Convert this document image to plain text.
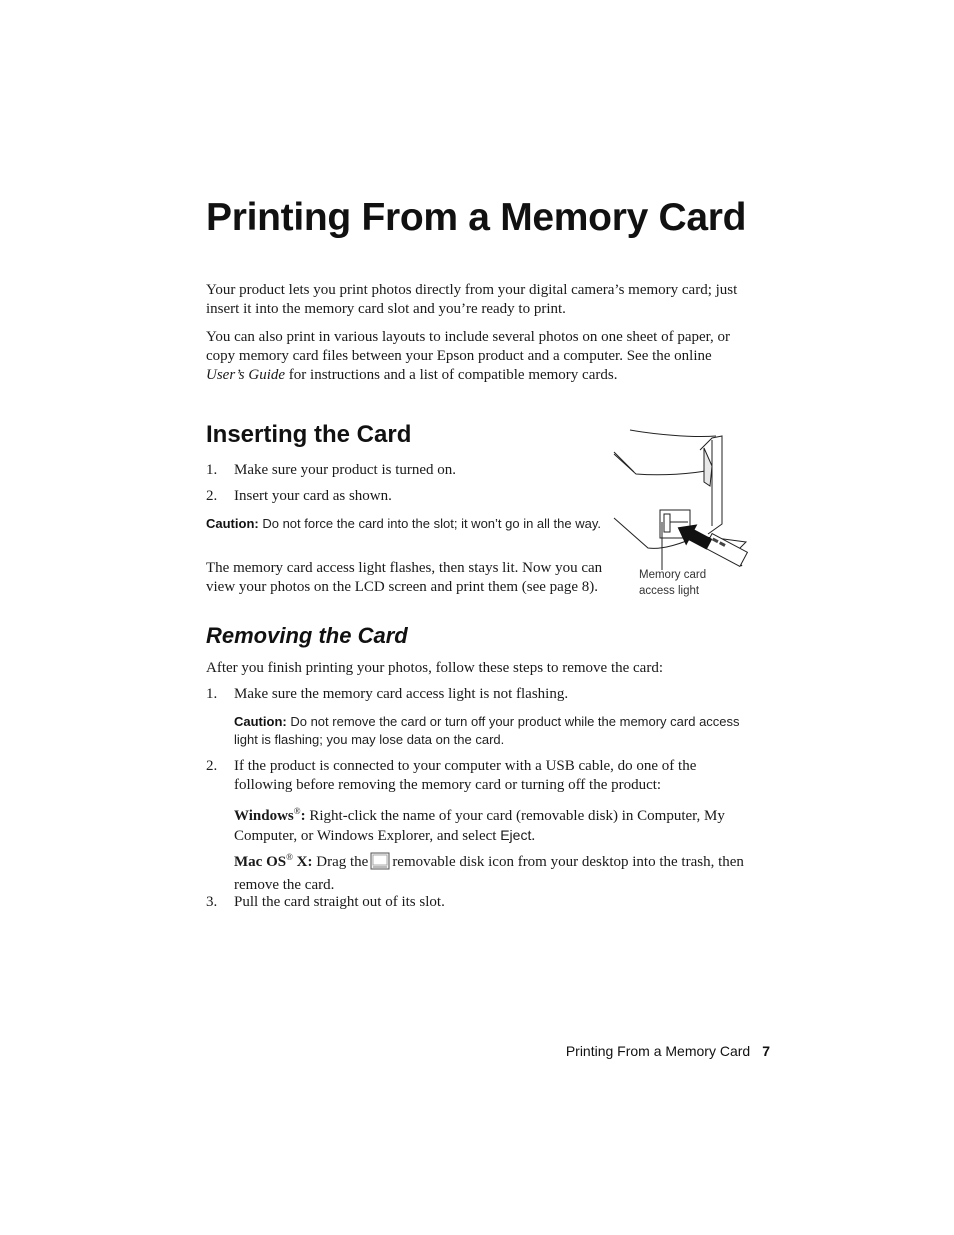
Printing From a Memory Card

Your product lets you print photos directly from your digital camera’s memory card; just insert it into the memory card slot and you’re ready to print.

You can also print in various layouts to include several photos on one sheet of paper, or copy memory card files between your Epson product and a computer. See the online User’s Guide for instructions and a list of compatible memory cards.

Inserting the Card
1. Make sure your product is turned on.
2. Insert your card as shown.
Caution: Do not force the card into the slot; it won’t go in all the way.

The memory card access light flashes, then stays lit. Now you can view your photos on the LCD screen and print them (see page 8).

Memory card access light
Removing the Card

After you finish printing your photos, follow these steps to remove the card:

1. Make sure the memory card access light is not flashing.
Caution: Do not remove the card or turn off your product while the memory card access light is flashing; you may lose data on the card.
2. If the product is connected to your computer with a USB cable, do one of the following before removing the memory card or turning off the product:
Windows®: Right-click the name of your card (removable disk) in Computer, My Computer, or Windows Explorer, and select Eject.
Mac OS® X: Drag the removable disk icon from your desktop into the trash, then remove the card.
3. Pull the card straight out of its slot.
Printing From a Memory Card 7
